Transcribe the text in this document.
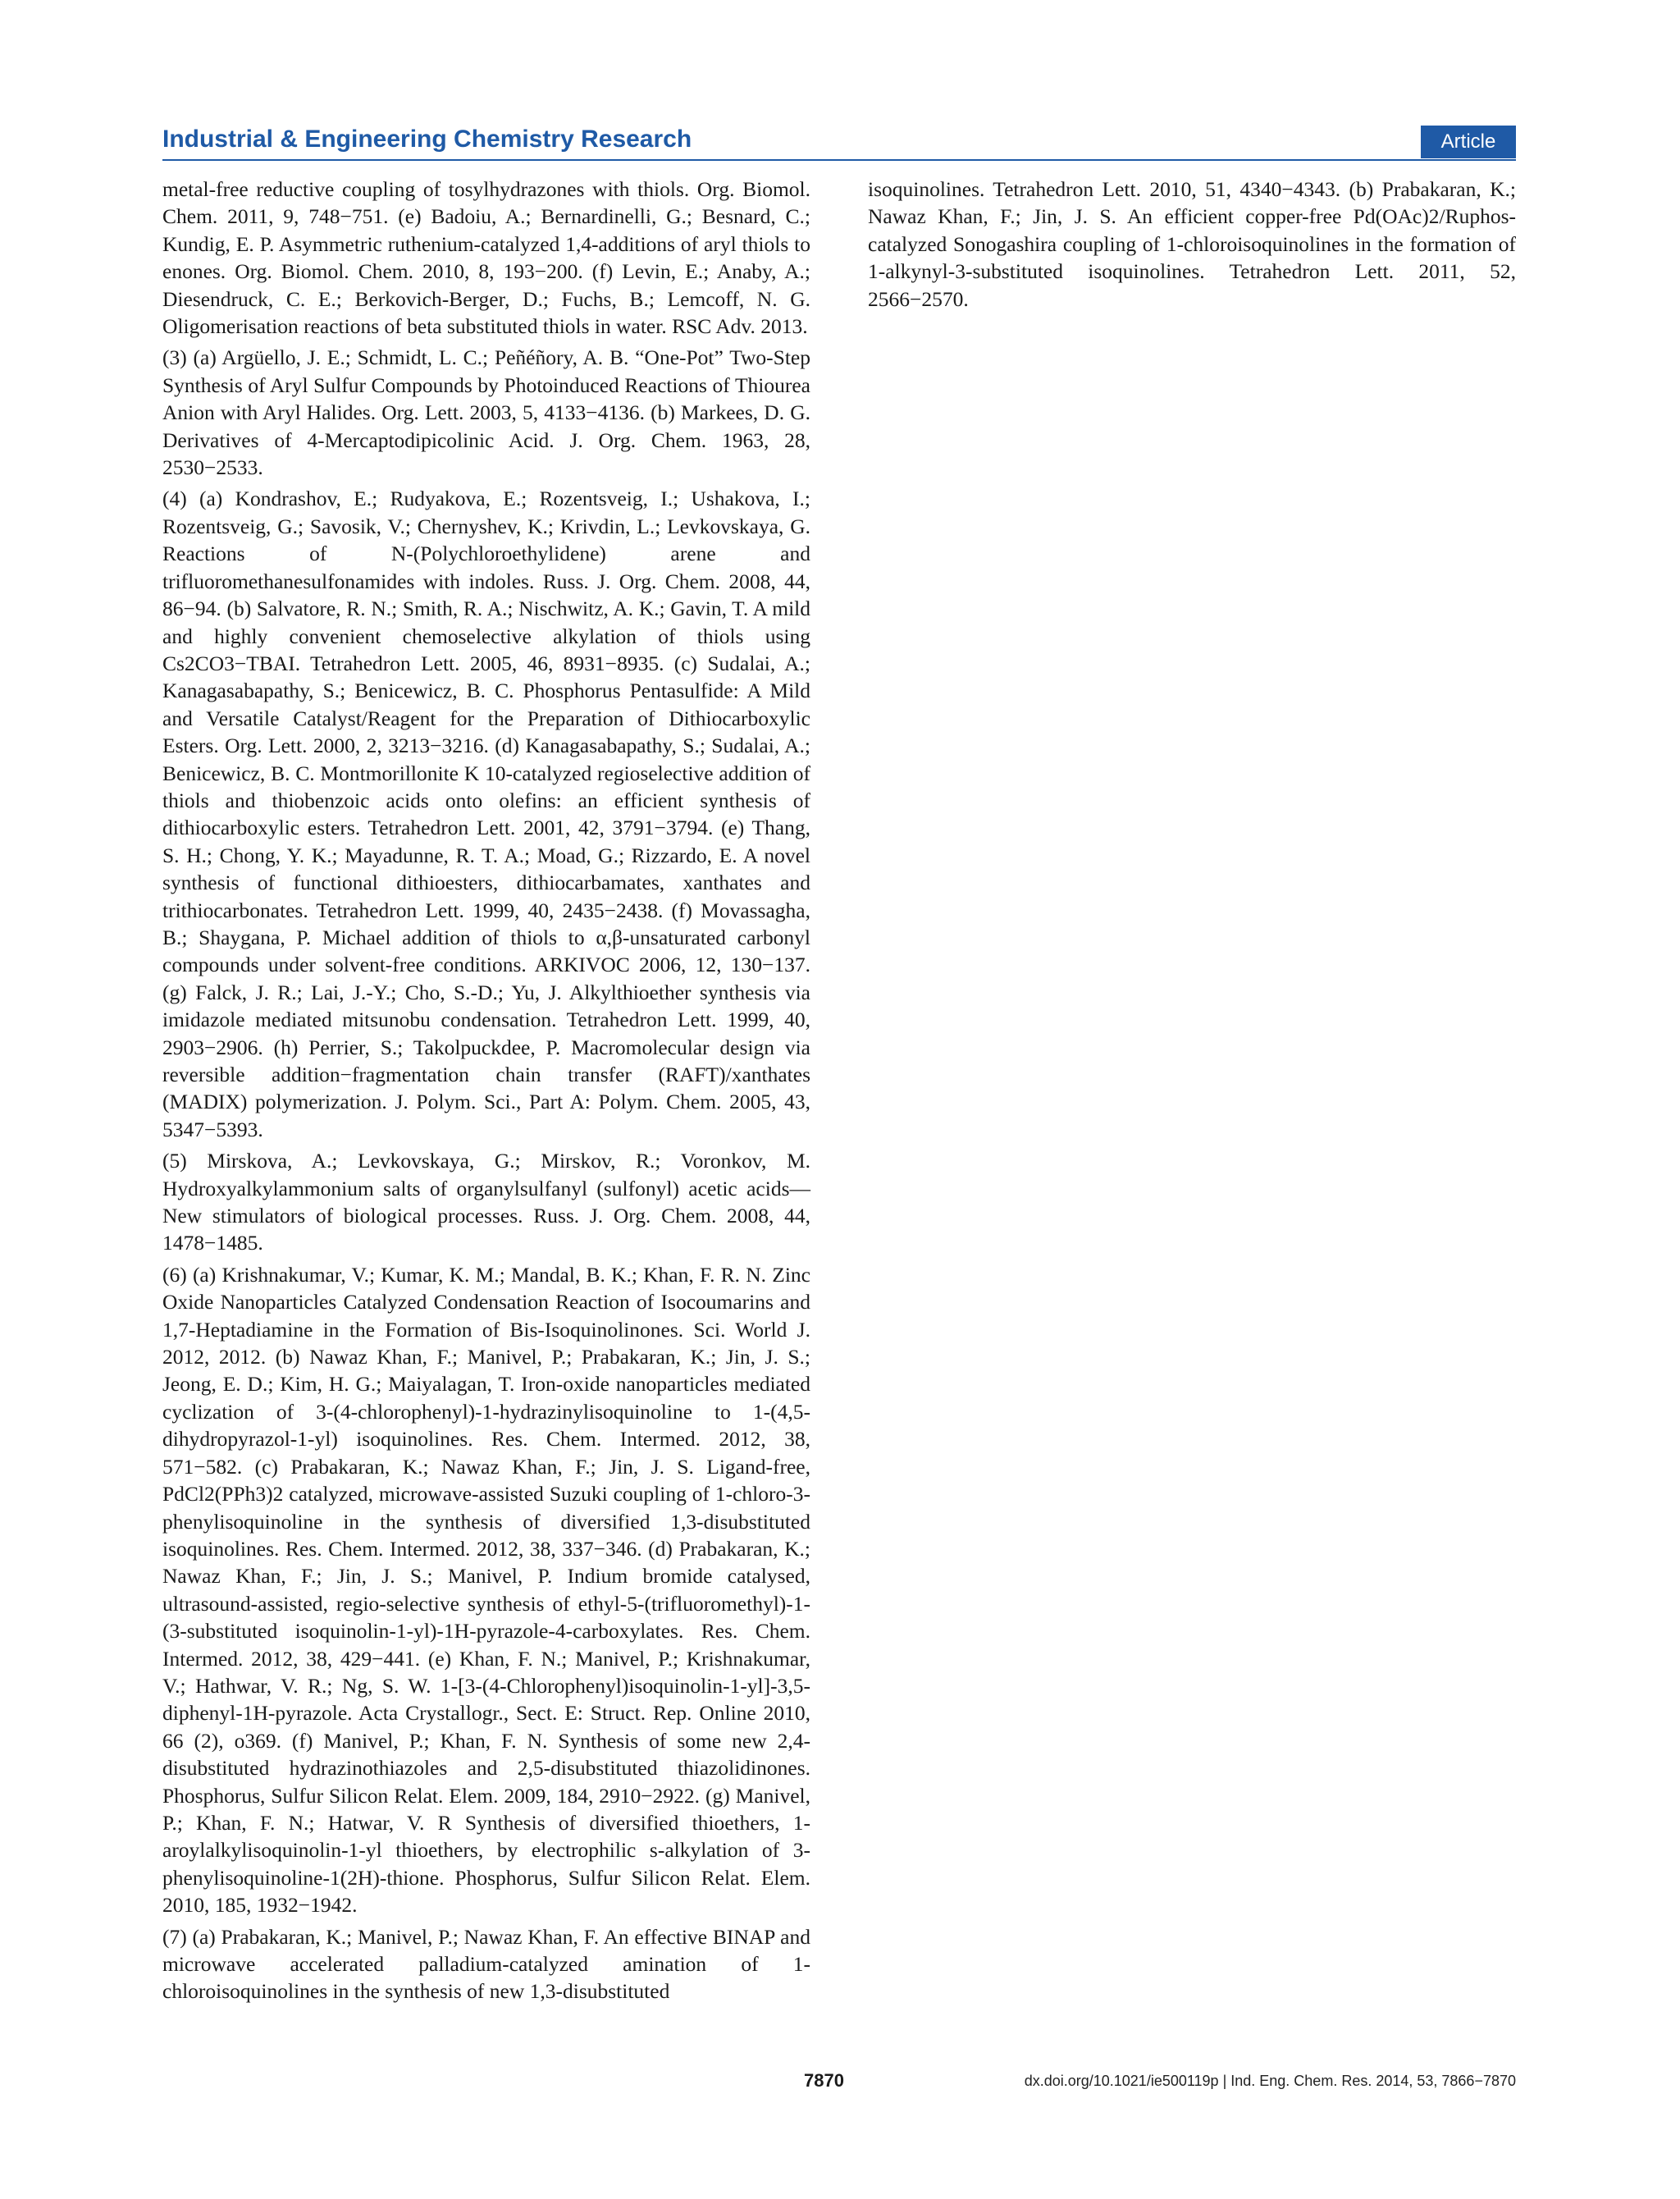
Industrial & Engineering Chemistry Research	Article

metal-free reductive coupling of tosylhydrazones with thiols. Org. Biomol. Chem. 2011, 9, 748−751. (e) Badoiu, A.; Bernardinelli, G.; Besnard, C.; Kundig, E. P. Asymmetric ruthenium-catalyzed 1,4-additions of aryl thiols to enones. Org. Biomol. Chem. 2010, 8, 193−200. (f) Levin, E.; Anaby, A.; Diesendruck, C. E.; Berkovich-Berger, D.; Fuchs, B.; Lemcoff, N. G. Oligomerisation reactions of beta substituted thiols in water. RSC Adv. 2013.

(3) (a) Argüello, J. E.; Schmidt, L. C.; Peñéñory, A. B. “One-Pot” Two-Step Synthesis of Aryl Sulfur Compounds by Photoinduced Reactions of Thiourea Anion with Aryl Halides. Org. Lett. 2003, 5, 4133−4136. (b) Markees, D. G. Derivatives of 4-Mercaptodipicolinic Acid. J. Org. Chem. 1963, 28, 2530−2533.

(4) (a) Kondrashov, E.; Rudyakova, E.; Rozentsveig, I.; Ushakova, I.; Rozentsveig, G.; Savosik, V.; Chernyshev, K.; Krivdin, L.; Levkovskaya, G. Reactions of N-(Polychloroethylidene) arene and trifluoromethanesulfonamides with indoles. Russ. J. Org. Chem. 2008, 44, 86−94. (b) Salvatore, R. N.; Smith, R. A.; Nischwitz, A. K.; Gavin, T. A mild and highly convenient chemoselective alkylation of thiols using Cs2CO3−TBAI. Tetrahedron Lett. 2005, 46, 8931−8935. (c) Sudalai, A.; Kanagasabapathy, S.; Benicewicz, B. C. Phosphorus Pentasulfide: A Mild and Versatile Catalyst/Reagent for the Preparation of Dithiocarboxylic Esters. Org. Lett. 2000, 2, 3213−3216. (d) Kanagasabapathy, S.; Sudalai, A.; Benicewicz, B. C. Montmorillonite K 10-catalyzed regioselective addition of thiols and thiobenzoic acids onto olefins: an efficient synthesis of dithiocarboxylic esters. Tetrahedron Lett. 2001, 42, 3791−3794. (e) Thang, S. H.; Chong, Y. K.; Mayadunne, R. T. A.; Moad, G.; Rizzardo, E. A novel synthesis of functional dithioesters, dithiocarbamates, xanthates and trithiocarbonates. Tetrahedron Lett. 1999, 40, 2435−2438. (f) Movassagha, B.; Shaygana, P. Michael addition of thiols to α,β-unsaturated carbonyl compounds under solvent-free conditions. ARKIVOC 2006, 12, 130−137. (g) Falck, J. R.; Lai, J.-Y.; Cho, S.-D.; Yu, J. Alkylthioether synthesis via imidazole mediated mitsunobu condensation. Tetrahedron Lett. 1999, 40, 2903−2906. (h) Perrier, S.; Takolpuckdee, P. Macromolecular design via reversible addition−fragmentation chain transfer (RAFT)/xanthates (MADIX) polymerization. J. Polym. Sci., Part A: Polym. Chem. 2005, 43, 5347−5393.

(5) Mirskova, A.; Levkovskaya, G.; Mirskov, R.; Voronkov, M. Hydroxyalkylammonium salts of organylsulfanyl (sulfonyl) acetic acids—New stimulators of biological processes. Russ. J. Org. Chem. 2008, 44, 1478−1485.

(6) (a) Krishnakumar, V.; Kumar, K. M.; Mandal, B. K.; Khan, F. R. N. Zinc Oxide Nanoparticles Catalyzed Condensation Reaction of Isocoumarins and 1,7-Heptadiamine in the Formation of Bis-Isoquinolinones. Sci. World J. 2012, 2012. (b) Nawaz Khan, F.; Manivel, P.; Prabakaran, K.; Jin, J. S.; Jeong, E. D.; Kim, H. G.; Maiyalagan, T. Iron-oxide nanoparticles mediated cyclization of 3-(4-chlorophenyl)-1-hydrazinylisoquinoline to 1-(4,5-dihydropyrazol-1-yl) isoquinolines. Res. Chem. Intermed. 2012, 38, 571−582. (c) Prabakaran, K.; Nawaz Khan, F.; Jin, J. S. Ligand-free, PdCl2(PPh3)2 catalyzed, microwave-assisted Suzuki coupling of 1-chloro-3-phenylisoquinoline in the synthesis of diversified 1,3-disubstituted isoquinolines. Res. Chem. Intermed. 2012, 38, 337−346. (d) Prabakaran, K.; Nawaz Khan, F.; Jin, J. S.; Manivel, P. Indium bromide catalysed, ultrasound-assisted, regio-selective synthesis of ethyl-5-(trifluoromethyl)-1-(3-substituted isoquinolin-1-yl)-1H-pyrazole-4-carboxylates. Res. Chem. Intermed. 2012, 38, 429−441. (e) Khan, F. N.; Manivel, P.; Krishnakumar, V.; Hathwar, V. R.; Ng, S. W. 1-[3-(4-Chlorophenyl)isoquinolin-1-yl]-3,5-diphenyl-1H-pyrazole. Acta Crystallogr., Sect. E: Struct. Rep. Online 2010, 66 (2), o369. (f) Manivel, P.; Khan, F. N. Synthesis of some new 2,4-disubstituted hydrazinothiazoles and 2,5-disubstituted thiazolidinones. Phosphorus, Sulfur Silicon Relat. Elem. 2009, 184, 2910−2922. (g) Manivel, P.; Khan, F. N.; Hatwar, V. R Synthesis of diversified thioethers, 1- aroylalkylisoquinolin-1-yl thioethers, by electrophilic s-alkylation of 3-phenylisoquinoline-1(2H)-thione. Phosphorus, Sulfur Silicon Relat. Elem. 2010, 185, 1932−1942.

(7) (a) Prabakaran, K.; Manivel, P.; Nawaz Khan, F. An effective BINAP and microwave accelerated palladium-catalyzed amination of 1-chloroisoquinolines in the synthesis of new 1,3-disubstituted

isoquinolines. Tetrahedron Lett. 2010, 51, 4340−4343. (b) Prabakaran, K.; Nawaz Khan, F.; Jin, J. S. An efficient copper-free Pd(OAc)2/Ruphos-catalyzed Sonogashira coupling of 1-chloroisoquinolines in the formation of 1-alkynyl-3-substituted isoquinolines. Tetrahedron Lett. 2011, 52, 2566−2570.

7870	dx.doi.org/10.1021/ie500119p | Ind. Eng. Chem. Res. 2014, 53, 7866−7870
